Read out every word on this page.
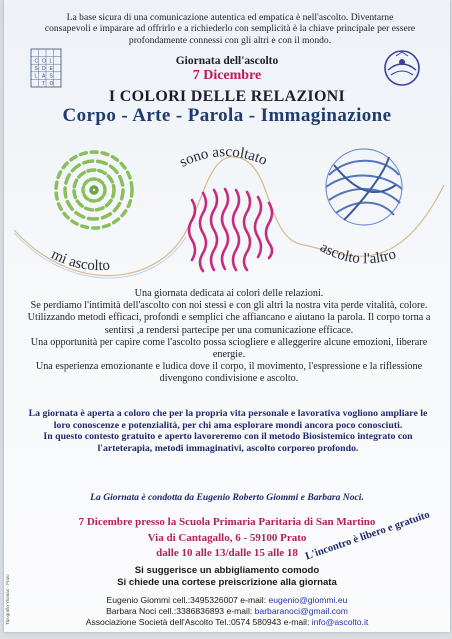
La base sicura di una comunicazione autentica ed empatica è nell'ascolto. Diventarne consapevoli e imparare ad offrirlo e a richiederlo con semplicità è la chiave principale per essere profondamente connessi con gli altri e con il mondo.
S D E
L A S
C O L
T O
Giornata dell'ascolto
7 Dicembre
I COLORI DELLE RELAZIONI
Corpo - Arte - Parola - Immaginazione
mi ascolto
sono ascoltato
ascolto l'altro
Una giornata dedicata ai colori delle relazioni.
Se perdiamo l'intimità dell'ascolto con noi stessi e con gli altri la nostra vita perde vitalità, colore. Utilizzando metodi efficaci, profondi e semplici che affiancano e aiutano la parola. Il corpo torna a sentirsi ,a rendersi partecipe per una comunicazione efficace.
Una opportunità per capire come l'ascolto possa sciogliere e alleggerire alcune emozioni, liberare energie.
Una esperienza emozionante e ludica dove il corpo, il movimento, l'espressione e la riflessione divengono condivisione e ascolto.
La giornata è aperta a coloro che per la propria vita personale e lavorativa vogliono ampliare le loro conoscenze e potenzialità, per chi ama esplorare mondi ancora poco conosciuti.
In questo contesto gratuito e aperto lavoreremo con il metodo Biosistemico integrato con l'arteterapia, metodi immaginativi, ascolto corporeo profondo.
La Giornata è condotta da Eugenio Roberto Giommi e Barbara Noci.
7 Dicembre presso la Scuola Primaria Paritaria di San Martino
Via di Cantagallo, 6 - 59100 Prato
dalle 10 alle 13/dalle 15 alle 18 L'incontro è libero e gratuito
Si suggerisce un abbigliamento comodo
Si chiede una cortese preiscrizione alla giornata
Eugenio Giommi cell.:3495326007 e-mail: eugenio@giommi.eu
Barbara Noci cell.:3386836893 e-mail: barbaranoci@gmail.com
Associazione Società dell'Ascolto Tel.:0574 580943 e-mail: info@ascolto.it
Tipografia Ylumas - Prato
